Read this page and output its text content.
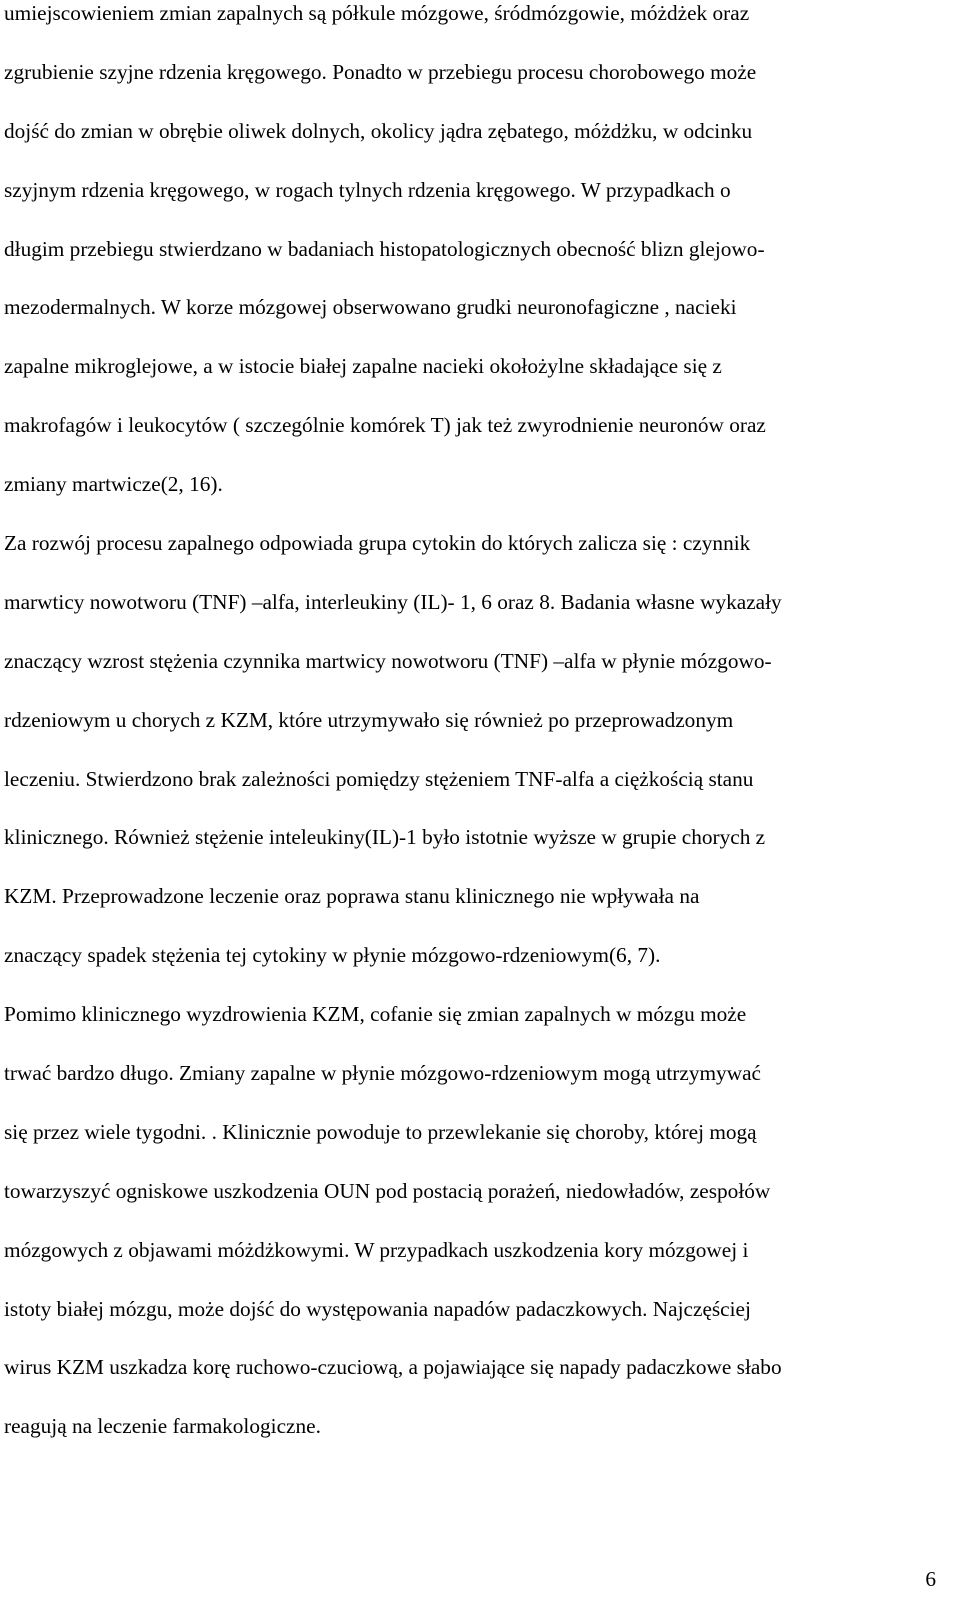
umiejscowieniem zmian zapalnych są półkule mózgowe, śródmózgowie, móżdżek oraz
zgrubienie szyjne rdzenia kręgowego. Ponadto w przebiegu procesu chorobowego może
dojść do zmian w obrębie oliwek dolnych, okolicy jądra zębatego, móżdżku, w odcinku
szyjnym rdzenia kręgowego, w rogach tylnych rdzenia kręgowego. W przypadkach o
długim przebiegu stwierdzano w badaniach histopatologicznych obecność blizn glejowo-
mezodermalnych. W korze mózgowej obserwowano grudki neuronofagiczne , nacieki
zapalne mikroglejowe, a w istocie białej zapalne nacieki okołożylne składające się z
makrofagów i leukocytów ( szczególnie komórek T) jak też zwyrodnienie neuronów oraz
zmiany martwicze(2, 16).
Za rozwój procesu zapalnego odpowiada grupa cytokin do których zalicza się : czynnik
marwticy nowotworu (TNF) –alfa, interleukiny (IL)- 1, 6 oraz 8. Badania własne wykazały
znaczący wzrost stężenia czynnika martwicy nowotworu (TNF) –alfa w płynie mózgowo-
rdzeniowym u chorych z KZM, które utrzymywało się również po przeprowadzonym
leczeniu. Stwierdzono brak zależności pomiędzy stężeniem TNF-alfa a ciężkością stanu
klinicznego. Również stężenie inteleukiny(IL)-1 było istotnie wyższe w grupie chorych z
KZM. Przeprowadzone leczenie oraz poprawa stanu klinicznego nie wpływała na
znaczący spadek stężenia tej cytokiny w płynie mózgowo-rdzeniowym(6, 7).
Pomimo klinicznego wyzdrowienia KZM, cofanie się zmian zapalnych w mózgu może
trwać bardzo długo. Zmiany zapalne w płynie mózgowo-rdzeniowym mogą utrzymywać
się przez wiele tygodni. . Klinicznie powoduje to przewlekanie się choroby, której mogą
towarzyszyć ogniskowe uszkodzenia OUN pod postacią porażeń, niedowładów, zespołów
mózgowych z objawami móżdżkowymi. W przypadkach uszkodzenia kory mózgowej i
istoty białej mózgu, może dojść do występowania napadów padaczkowych. Najczęściej
wirus KZM uszkadza korę ruchowo-czuciową, a pojawiające się napady padaczkowe słabo
reagują na leczenie farmakologiczne.
6
